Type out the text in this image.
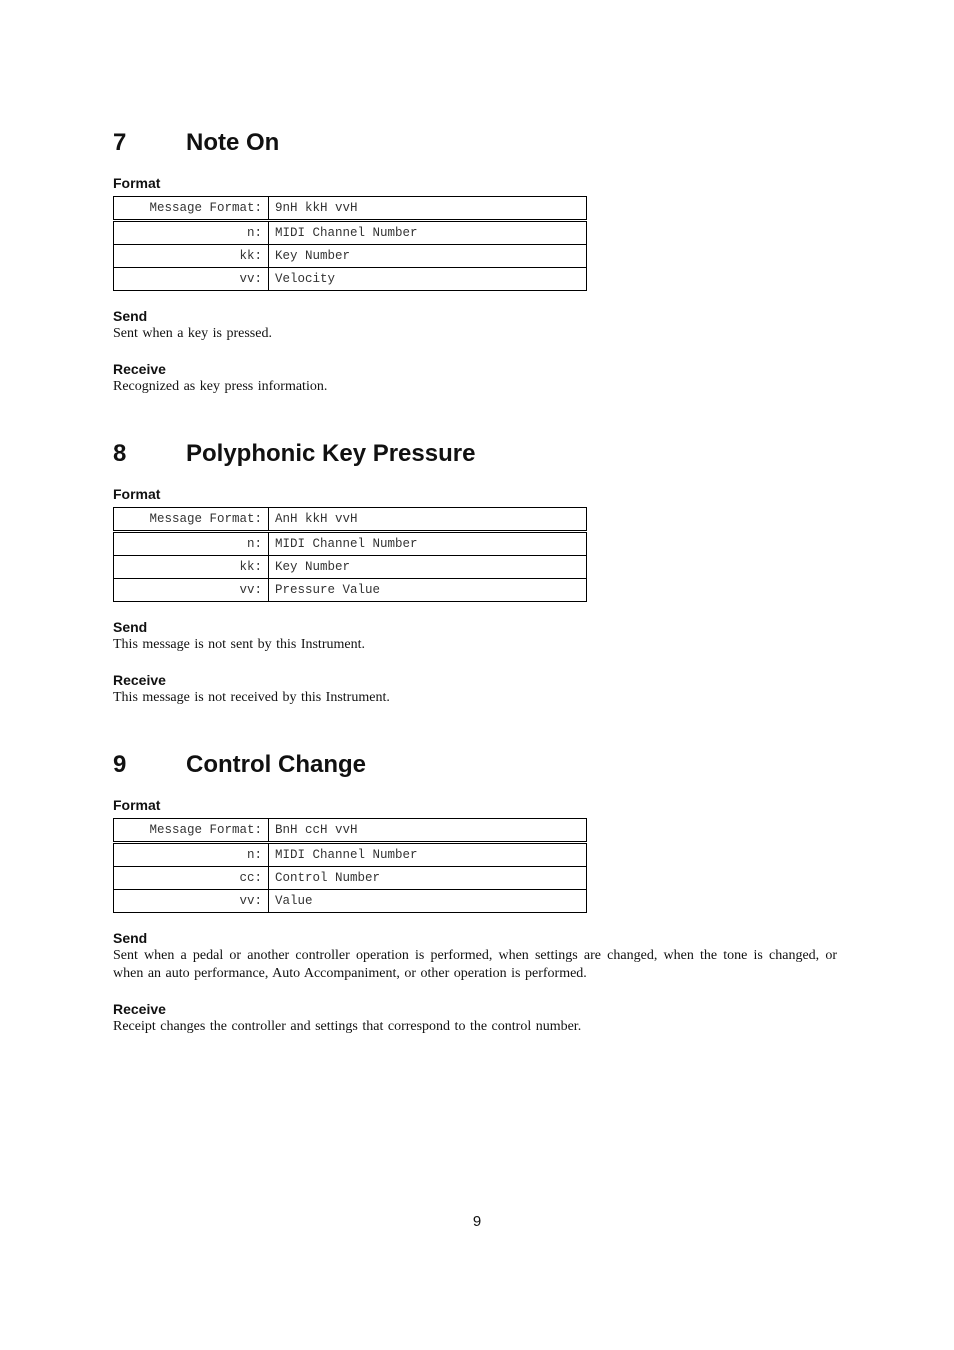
7 Note On
Format
Message Format:	9nH kkH vvH
n:	MIDI Channel Number
kk:	Key Number
vv:	Velocity
Send
Sent when a key is pressed.
Receive
Recognized as key press information.
8 Polyphonic Key Pressure
Format
Message Format:	AnH kkH vvH
n:	MIDI Channel Number
kk:	Key Number
vv:	Pressure Value
Send
This message is not sent by this Instrument.
Receive
This message is not received by this Instrument.
9 Control Change
Format
Message Format:	BnH ccH vvH
n:	MIDI Channel Number
cc:	Control Number
vv:	Value
Send
Sent when a pedal or another controller operation is performed, when settings are changed, when the tone is changed, or when an auto performance, Auto Accompaniment, or other operation is performed.
Receive
Receipt changes the controller and settings that correspond to the control number.
9
